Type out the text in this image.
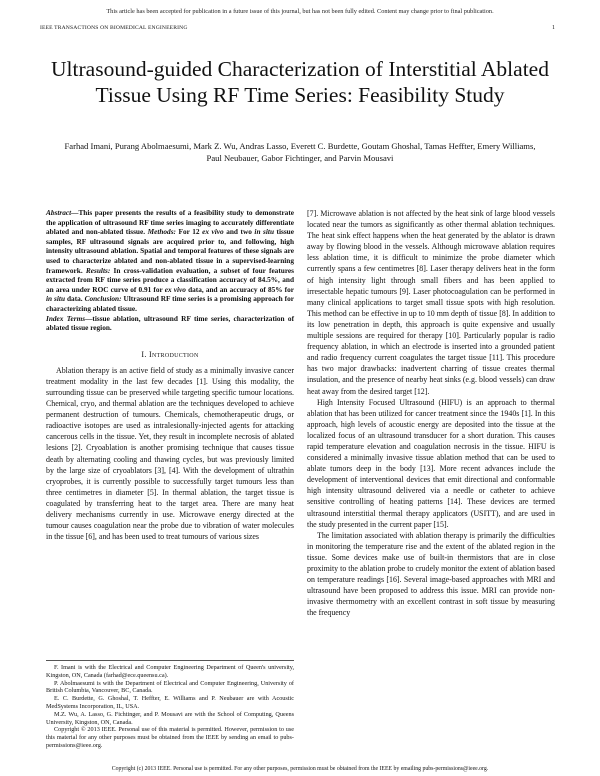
This article has been accepted for publication in a future issue of this journal, but has not been fully edited. Content may change prior to final publication.
IEEE TRANSACTIONS ON BIOMEDICAL ENGINEERING	1
Ultrasound-guided Characterization of Interstitial Ablated Tissue Using RF Time Series: Feasibility Study
Farhad Imani, Purang Abolmaesumi, Mark Z. Wu, Andras Lasso, Everett C. Burdette, Goutam Ghoshal, Tamas Heffter, Emery Williams, Paul Neubauer, Gabor Fichtinger, and Parvin Mousavi

Abstract—This paper presents the results of a feasibility study to demonstrate the application of ultrasound RF time series imaging to accurately differentiate ablated and non-ablated tissue. Methods: For 12 ex vivo and two in situ tissue samples, RF ultrasound signals are acquired prior to, and following, high intensity ultrasound ablation. Spatial and temporal features of these signals are used to characterize ablated and non-ablated tissue in a supervised-learning framework. Results: In cross-validation evaluation, a subset of four features extracted from RF time series produce a classification accuracy of 84.5%, and an area under ROC curve of 0.91 for ex vivo data, and an accuracy of 85% for in situ data. Conclusion: Ultrasound RF time series is a promising approach for characterizing ablated tissue.

Index Terms—tissue ablation, ultrasound RF time series, characterization of ablated tissue region.

I. Introduction

Ablation therapy is an active field of study as a minimally invasive cancer treatment modality in the last few decades [1]. Using this modality, the surrounding tissue can be preserved while targeting specific tumour locations. Chemical, cryo, and thermal ablation are the techniques developed to achieve permanent destruction of tumours. Chemicals, chemotherapeutic drugs, or radioactive isotopes are used as intralesionally-injected agents for attacking cancerous cells in the tissue. Yet, they result in incomplete necrosis of ablated lesions [2]. Cryoablation is another promising technique that causes tissue death by alternating cooling and thawing cycles, but was previously limited by the large size of cryoablators [3], [4]. With the development of ultrathin cryoprobes, it is currently possible to successfully target tumours less than three centimetres in diameter [5]. In thermal ablation, the target tissue is coagulated by transferring heat to the target area. There are many heat delivery mechanisms currently in use. Microwave energy directed at the tumour causes coagulation near the probe due to vibration of water molecules in the tissue [6], and has been used to treat tumours of various sizes

F. Imani is with the Electrical and Computer Engineering Department of Queen's university, Kingston, ON, Canada (farhad@ece.queensu.ca).

P. Abolmaesumi is with the Department of Electrical and Computer Engineering, University of British Columbia, Vancouver, BC, Canada.

E. C. Burdette, G. Ghoshal, T. Heffter, E. Williams and P. Neubauer are with Acoustic MedSystems Incorporation, IL, USA.

M.Z. Wu, A. Lasso, G. Fichtinger, and P. Mousavi are with the School of Computing, Queens University, Kingston, ON, Canada.

Copyright © 2013 IEEE. Personal use of this material is permitted. However, permission to use this material for any other purposes must be obtained from the IEEE by sending an email to pubs-permissions@ieee.org.

[7]. Microwave ablation is not affected by the heat sink of large blood vessels located near the tumors as significantly as other thermal ablation techniques. The heat sink effect happens when the heat generated by the ablator is drawn away by flowing blood in the vessels. Although microwave ablation requires less ablation time, it is difficult to minimize the probe diameter which currently spans a few centimetres [8]. Laser therapy delivers heat in the form of high intensity light through small fibers and has been applied to irresectable hepatic tumours [9]. Laser photocoagulation can be performed in many clinical applications to target small tissue spots with high resolution. This method can be effective in up to 10 mm depth of tissue [8]. In addition to its low penetration in depth, this approach is quite expensive and usually multiple sessions are required for therapy [10]. Particularly popular is radio frequency ablation, in which an electrode is inserted into a grounded patient and radio frequency current coagulates the target tissue [11]. This procedure has two major drawbacks: inadvertent charring of tissue creates thermal insulation, and the presence of nearby heat sinks (e.g. blood vessels) can draw heat away from the desired target [12].

High Intensity Focused Ultrasound (HIFU) is an approach to thermal ablation that has been utilized for cancer treatment since the 1940s [1]. In this approach, high levels of acoustic energy are deposited into the tissue at the localized focus of an ultrasound transducer for a short duration. This causes rapid temperature elevation and coagulation necrosis in the tissue. HIFU is considered a minimally invasive tissue ablation method that can be used to ablate tumors deep in the body [13]. More recent advances include the development of interventional devices that emit directional and conformable high intensity ultrasound delivered via a needle or catheter to achieve sensitive controlling of heating patterns [14]. These devices are termed ultrasound interstitial thermal therapy applicators (USITT), and are used in the study presented in the current paper [15].

The limitation associated with ablation therapy is primarily the difficulties in monitoring the temperature rise and the extent of the ablated region in the tissue. Some devices make use of built-in thermistors that are in close proximity to the ablation probe to crudely monitor the extent of ablation based on temperature readings [16]. Several image-based approaches with MRI and ultrasound have been proposed to address this issue. MRI can provide non-invasive thermometry with an excellent contrast in soft tissue by measuring the frequency

Copyright (c) 2013 IEEE. Personal use is permitted. For any other purposes, permission must be obtained from the IEEE by emailing pubs-permissions@ieee.org.
